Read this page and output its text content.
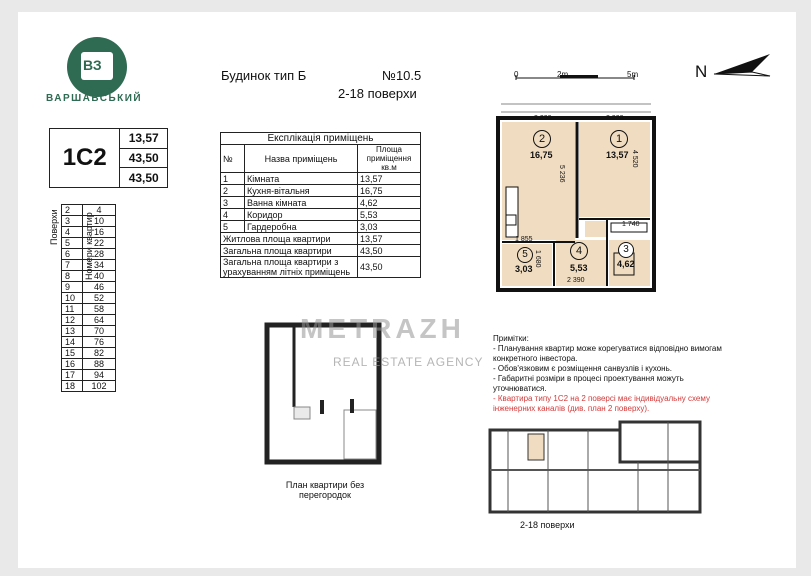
ВЗ
ВАРШАВСЬКИЙ
Будинок тип Б	№10.5
2-18 поверхи
1С2
13,57
43,50
43,50
Поверхи	Номери квартир
2	4
3	10
4	16
5	22
6	28
7	34
8	40
9	46
10	52
11	58
12	64
13	70
14	76
15	82
16	88
17	94
18	102
Експлікація приміщень		
№	Назва приміщень	Площа приміщення кв.м
1	Кімната	13,57
2	Кухня-вітальня	16,75
3	Ванна кімната	4,62
4	Коридор	5,53
5	Гардеробна	3,03
Житлова площа квартири		13,57
Загальна площа квартири		43,50
Загальна площа квартири з урахуванням літніх приміщень		43,50
0	2m	5m	N
3 200	2 900
5 236
4 520
1 855
1 740
2 390
1 680
2
16,75
1
13,57
3
4,62
4
5,53
5
3,03
План квартири без перегородок
METRAZH
REAL ESTATE AGENCY
Примітки:
- Планування квартир може корегуватися відповідно вимогам конкретного інвестора.
- Обов'язковим є розміщення санвузлів і кухонь.
- Габаритні розміри в процесі проектування можуть уточнюватися.
- Квартира типу 1С2 на 2 поверсі має індивідуальну схему інженерних каналів (див. план 2 поверху).
2-18 поверхи
